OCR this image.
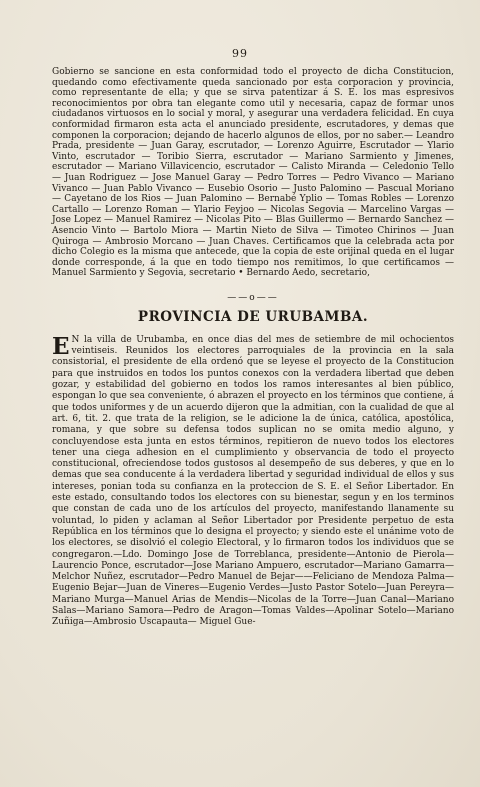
99

Gobierno se sancione en esta conformidad todo el proyecto de dicha Constitucion, quedando como efectivamente queda sancionado por esta corporacion y provincia, como representante de ella; y que se sirva patentizar á S. E. los mas espresivos reconocimientos por obra tan elegante como util y necesaria, capaz de formar unos ciudadanos virtuosos en lo social y moral, y asegurar una verdadera felicidad. En cuya conformidad firmaron esta acta el anunciado presidente, escrutadores, y demas que componen la corporacion; dejando de hacerlo algunos de ellos, por no saber.— Leandro Prada, presidente — Juan Garay, escrutador, — Lorenzo Aguirre, Escrutador — Ylario Vinto, escrutador — Toribio Sierra, escrutador — Mariano Sarmiento y Jimenes, escrutador — Mariano Villavicencio, escrutador — Calisto Miranda — Celedonio Tello — Juan Rodriguez — Jose Manuel Garay — Pedro Torres — Pedro Vivanco — Mariano Vivanco — Juan Pablo Vivanco — Eusebio Osorio — Justo Palomino — Pascual Moriano — Cayetano de los Rios — Juan Palomino — Bernabé Yplio — Tomas Robles — Lorenzo Cartallo — Lorenzo Roman — Ylario Feyjoo — Nicolas Segovia — Marcelino Vargas — Jose Lopez — Manuel Ramirez — Nicolas Pito — Blas Guillermo — Bernardo Sanchez — Asencio Vinto — Bartolo Miora — Martin Nieto de Silva — Timoteo Chirinos — Juan Quiroga — Ambrosio Morcano — Juan Chaves. Certificamos que la celebrada acta por dicho Colegio es la misma que antecede, que la copia de este orijinal queda en el lugar donde corresponde, á la que en todo tiempo nos remitimos, lo que certificamos — Manuel Sarmiento y Segovia, secretario • Bernardo Aedo, secretario,

——o——
PROVINCIA DE URUBAMBA.
E N la villa de Urubamba, en once dias del mes de setiembre de mil ochocientos veintiseis. Reunidos los electores parroquiales de la provincia en la sala consistorial, el presidente de ella ordenó que se leyese el proyecto de la Constitucion para que instruidos en todos los puntos conexos con la verdadera libertad que deben gozar, y estabilidad del gobierno en todos los ramos interesantes al bien público, espongan lo que sea conveniente, ó abrazen el proyecto en los términos que contiene, á que todos uniformes y de un acuerdo dijeron que la admitian, con la cualidad de que al art. 6, tit. 2. que trata de la religion, se le adicione la de única, católica, apostólica, romana, y que sobre su defensa todos suplican no se omita medio alguno, y concluyendose esta junta en estos términos, repitieron de nuevo todos los electores tener una ciega adhesion en el cumplimiento y observancia de todo el proyecto constitucional, ofreciendose todos gustosos al desempeño de sus deberes, y que en lo demas que sea conducente á la verdadera libertad y seguridad individual de ellos y sus intereses, ponian toda su confianza en la proteccion de S. E. el Señor Libertador. En este estado, consultando todos los electores con su bienestar, segun y en los terminos que constan de cada uno de los artículos del proyecto, manifestando llanamente su voluntad, lo piden y aclaman al Señor Libertador por Presidente perpetuo de esta República en los términos que lo designa el proyecto; y siendo este el unánime voto de los electores, se disolvió el colegio Electoral, y lo firmaron todos los individuos que se congregaron.—Ldo. Domingo Jose de Torreblanca, presidente—Antonio de Pierola—Laurencio Ponce, escrutador—Jose Mariano Ampuero, escrutador—Mariano Gamarra—Melchor Nuñez, escrutador—Pedro Manuel de Bejar——Feliciano de Mendoza Palma—Eugenio Bejar—Juan de Vineres—Eugenio Verdes—Justo Pastor Sotelo—Juan Pereyra—Mariano Murga—Manuel Arias de Mendis—Nicolas de la Torre—Juan Canal—Mariano Salas—Mariano Samora—Pedro de Aragon—Tomas Valdes—Apolinar Sotelo—Mariano Zuñiga—Ambrosio Uscapauta— Miguel Gue-
